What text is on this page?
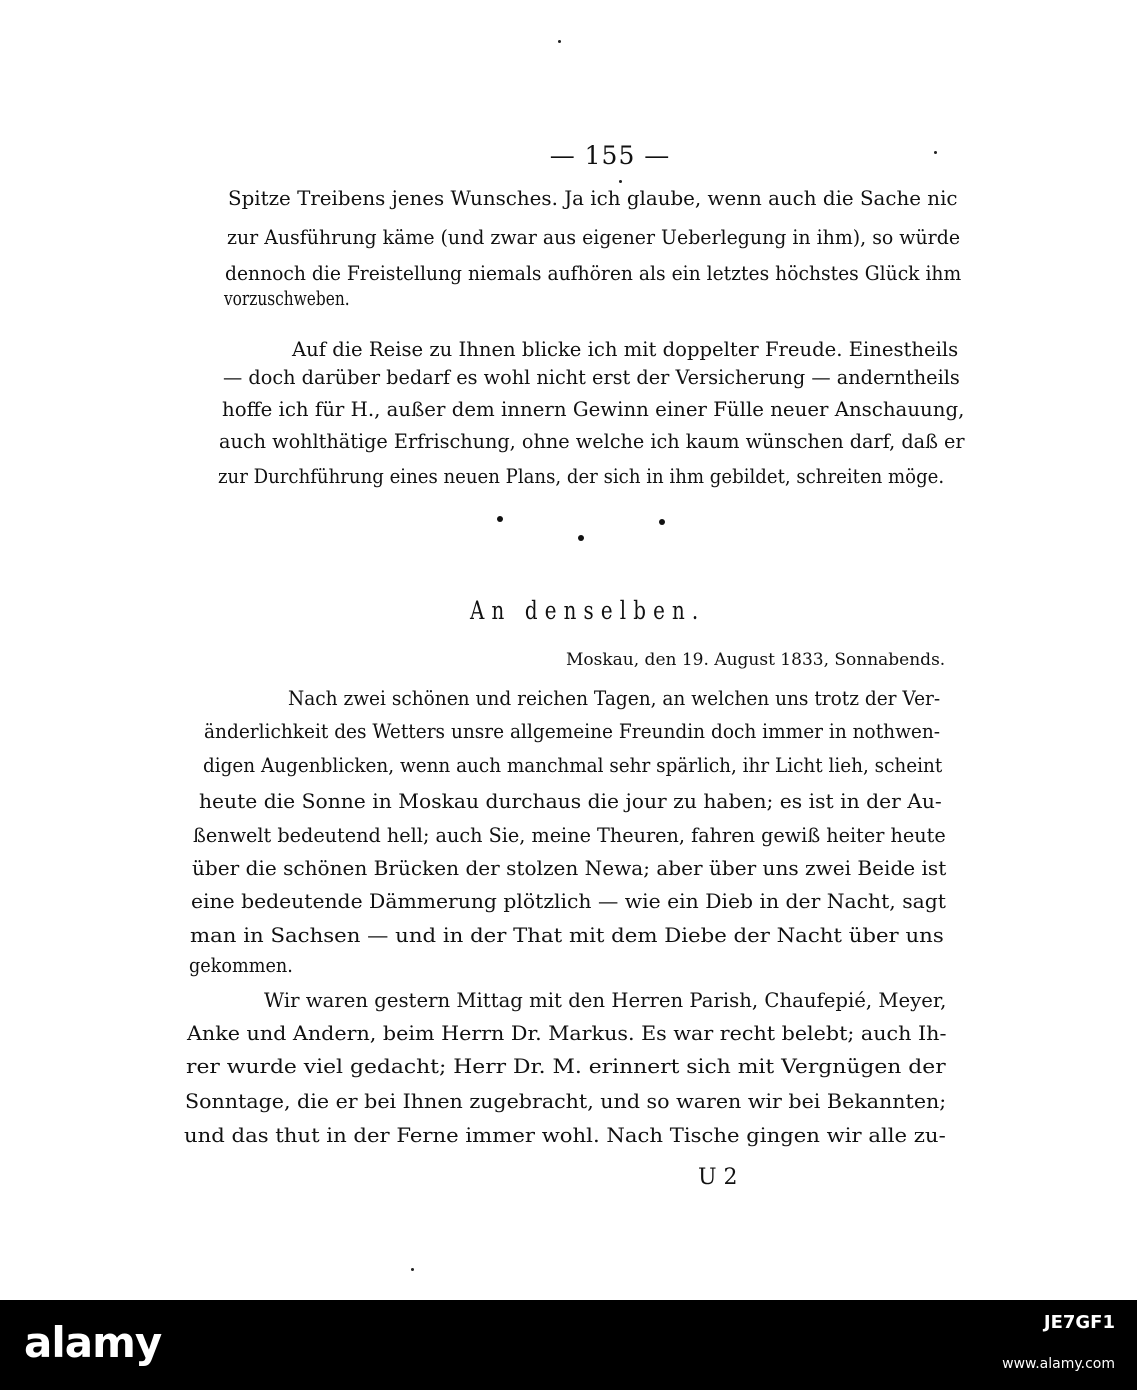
— 155 —
Spitze Treibens jenes Wunsches. Ja ich glaube, wenn auch die Sache nic
zur Ausführung käme (und zwar aus eigener Ueberlegung in ihm), so würde
dennoch die Freistellung niemals aufhören als ein letztes höchstes Glück ihm
vorzuschweben.
Auf die Reise zu Ihnen blicke ich mit doppelter Freude. Einestheils
— doch darüber bedarf es wohl nicht erst der Versicherung — anderntheils
hoffe ich für H., außer dem innern Gewinn einer Fülle neuer Anschauung,
auch wohlthätige Erfrischung, ohne welche ich kaum wünschen darf, daß er
zur Durchführung eines neuen Plans, der sich in ihm gebildet, schreiten möge.
An denselben.
Moskau, den 19. August 1833, Sonnabends.
Nach zwei schönen und reichen Tagen, an welchen uns trotz der Ver-
änderlichkeit des Wetters unsre allgemeine Freundin doch immer in nothwen-
digen Augenblicken, wenn auch manchmal sehr spärlich, ihr Licht lieh, scheint
heute die Sonne in Moskau durchaus die jour zu haben; es ist in der Au-
ßenwelt bedeutend hell; auch Sie, meine Theuren, fahren gewiß heiter heute
über die schönen Brücken der stolzen Newa; aber über uns zwei Beide ist
eine bedeutende Dämmerung plötzlich — wie ein Dieb in der Nacht, sagt
man in Sachsen — und in der That mit dem Diebe der Nacht über uns
gekommen.
Wir waren gestern Mittag mit den Herren Parish, Chaufepié, Meyer,
Anke und Andern, beim Herrn Dr. Markus. Es war recht belebt; auch Ih-
rer wurde viel gedacht; Herr Dr. M. erinnert sich mit Vergnügen der
Sonntage, die er bei Ihnen zugebracht, und so waren wir bei Bekannten;
und das thut in der Ferne immer wohl. Nach Tische gingen wir alle zu-
U 2
alamy	JE7GF1
www.alamy.com
